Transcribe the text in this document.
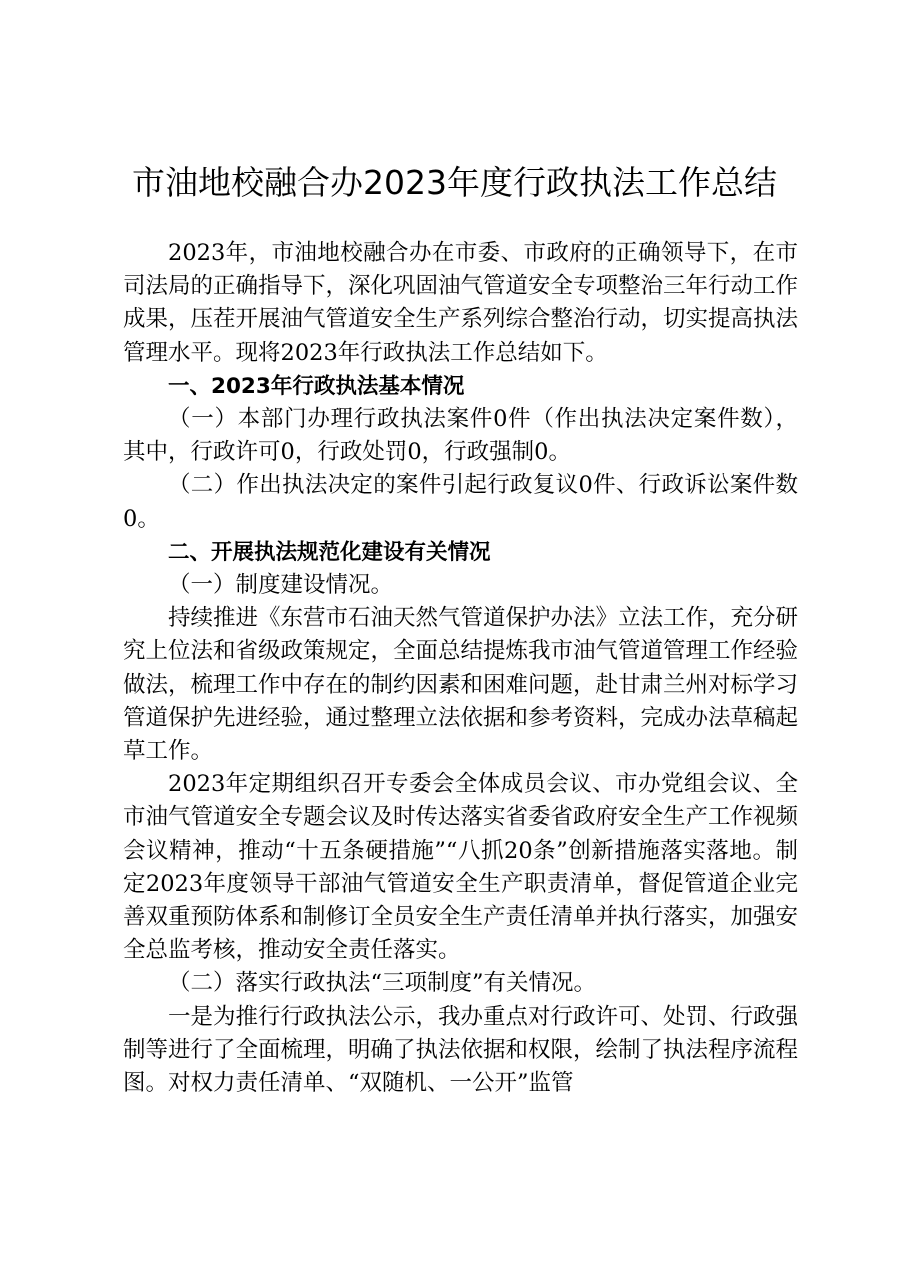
市油地校融合办2023年度行政执法工作总结

2023年，市油地校融合办在市委、市政府的正确领导下，在市司法局的正确指导下，深化巩固油气管道安全专项整治三年行动工作成果，压茬开展油气管道安全生产系列综合整治行动，切实提高执法管理水平。现将2023年行政执法工作总结如下。

一、2023年行政执法基本情况

（一）本部门办理行政执法案件0件（作出执法决定案件数），其中，行政许可0，行政处罚0，行政强制0。

（二）作出执法决定的案件引起行政复议0件、行政诉讼案件数0。

二、开展执法规范化建设有关情况

（一）制度建设情况。

持续推进《东营市石油天然气管道保护办法》立法工作，充分研究上位法和省级政策规定，全面总结提炼我市油气管道管理工作经验做法，梳理工作中存在的制约因素和困难问题，赴甘肃兰州对标学习管道保护先进经验，通过整理立法依据和参考资料，完成办法草稿起草工作。

2023年定期组织召开专委会全体成员会议、市办党组会议、全市油气管道安全专题会议及时传达落实省委省政府安全生产工作视频会议精神，推动“十五条硬措施”“八抓20条”创新措施落实落地。制定2023年度领导干部油气管道安全生产职责清单，督促管道企业完善双重预防体系和制修订全员安全生产责任清单并执行落实，加强安全总监考核，推动安全责任落实。

（二）落实行政执法“三项制度”有关情况。

一是为推行行政执法公示，我办重点对行政许可、处罚、行政强制等进行了全面梳理，明确了执法依据和权限，绘制了执法程序流程图。对权力责任清单、“双随机、一公开”监管
